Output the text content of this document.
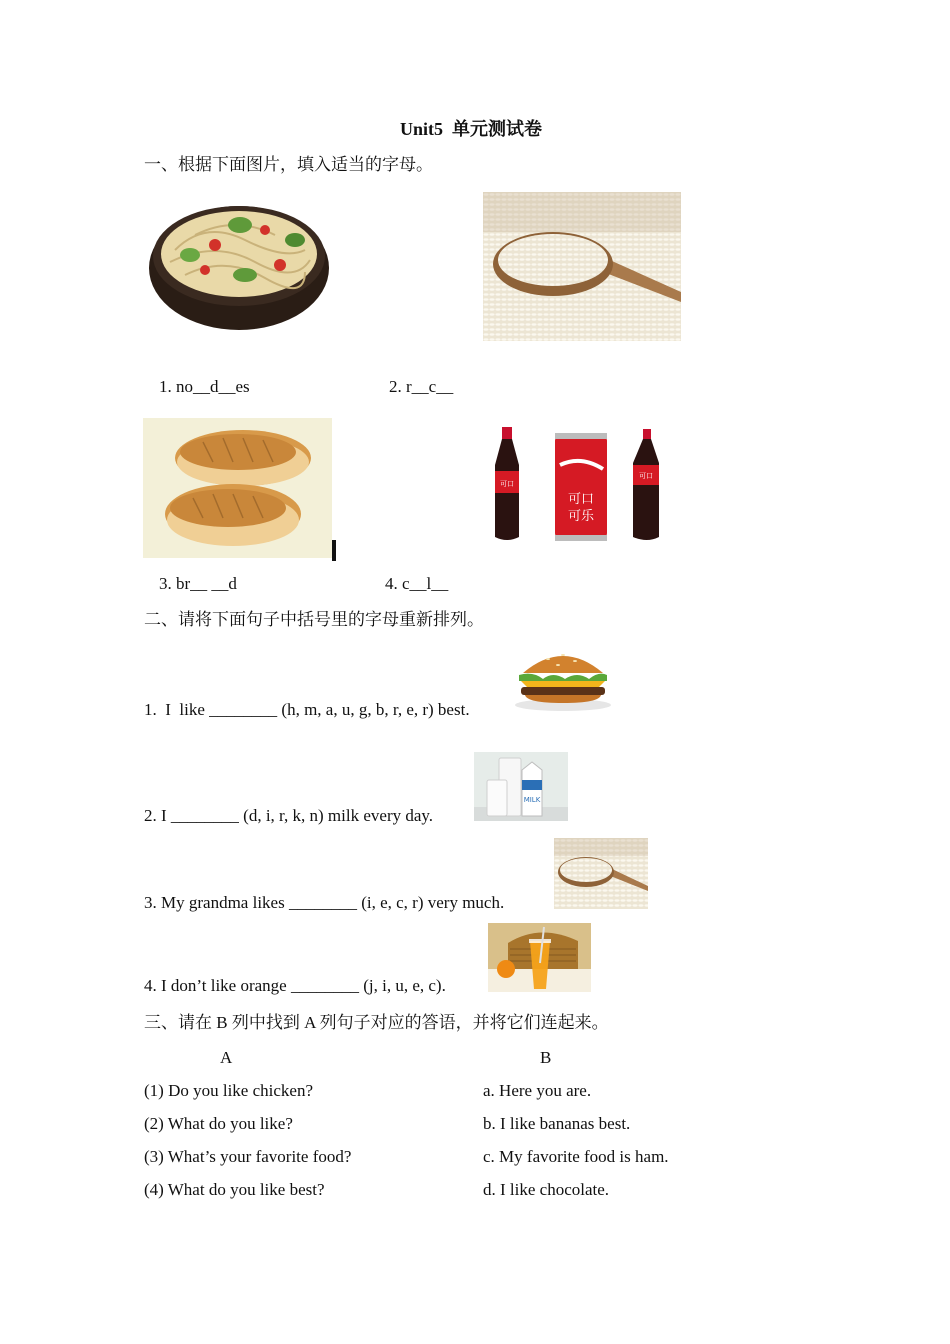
Unit5  单元测试卷
一、根据下面图片，填入适当的字母。
1. no__d__es	2. r__c__
可口
可口
可乐
可口
3. br__ __d	4. c__l__
二、请将下面句子中括号里的字母重新排列。
1.  I  like ________ (h, m, a, u, g, b, r, e, r) best.
2. I ________ (d, i, r, k, n) milk every day.
MILK
3. My grandma likes ________ (i, e, c, r) very much.
4. I don’t like orange ________ (j, i, u, e, c).
三、请在 B 列中找到 A 列句子对应的答语，并将它们连起来。
A	B
(1) Do you like chicken?	a. Here you are.
(2) What do you like?	b. I like bananas best.
(3) What’s your favorite food?	c. My favorite food is ham.
(4) What do you like best?	d. I like chocolate.
